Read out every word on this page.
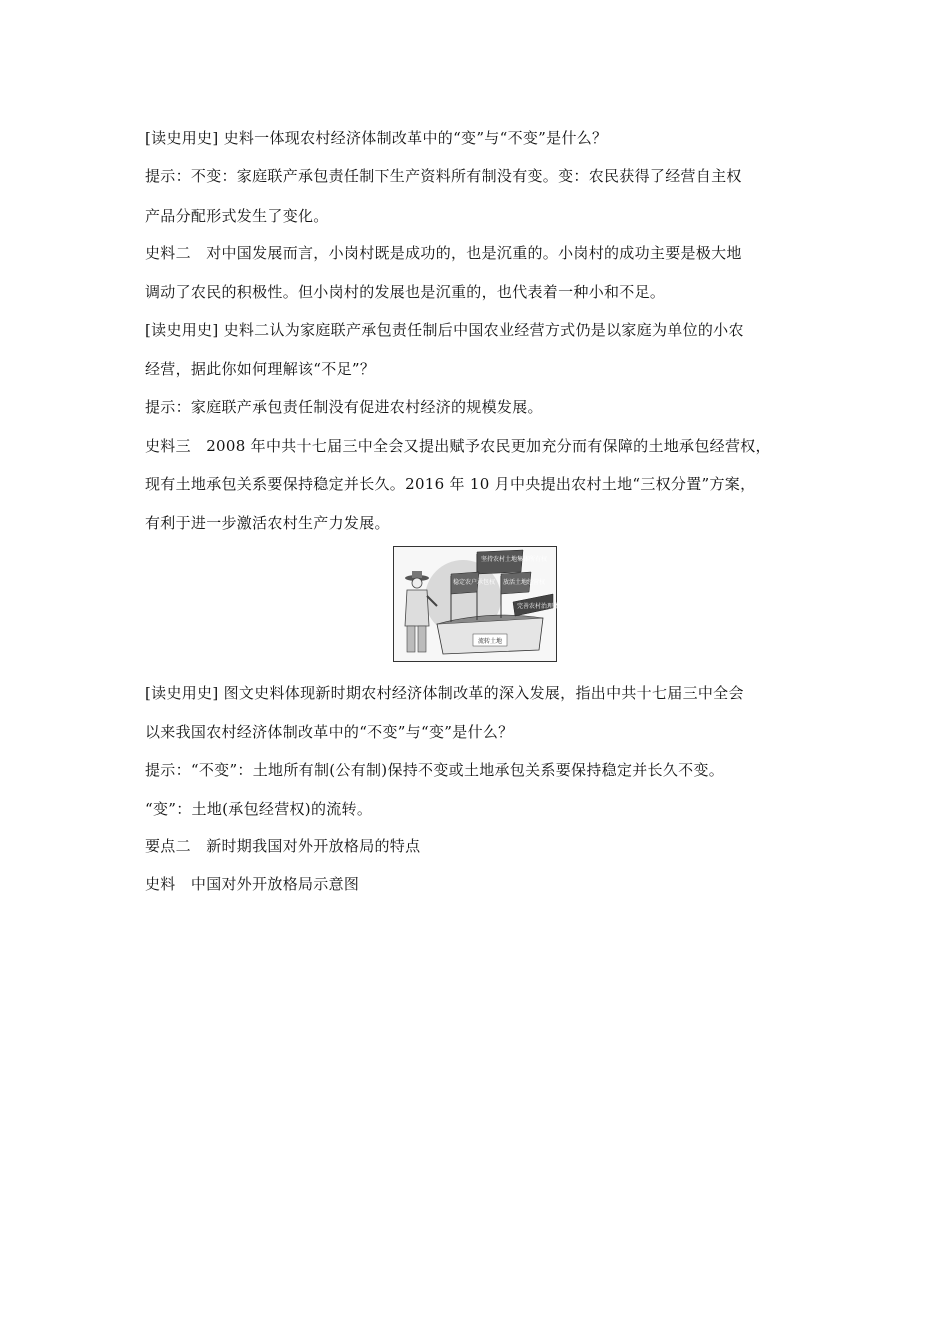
[读史用史] 史料一体现农村经济体制改革中的“变”与“不变”是什么？
提示：不变：家庭联产承包责任制下生产资料所有制没有变。变：农民获得了经营自主权
产品分配形式发生了变化。
史料二　对中国发展而言，小岗村既是成功的，也是沉重的。小岗村的成功主要是极大地
调动了农民的积极性。但小岗村的发展也是沉重的，也代表着一种小和不足。
[读史用史] 史料二认为家庭联产承包责任制后中国农业经营方式仍是以家庭为单位的小农
经营，据此你如何理解该“不足”？
提示：家庭联产承包责任制没有促进农村经济的规模发展。
史料三　2008 年中共十七届三中全会又提出赋予农民更加充分而有保障的土地承包经营权，
现有土地承包关系要保持稳定并长久。2016 年 10 月中央提出农村土地“三权分置”方案，
有利于进一步激活农村生产力发展。
流转土地
坚持农村土地集体所有权
稳定农户承包权 放活土地经营权
完善农村治理体系
[读史用史] 图文史料体现新时期农村经济体制改革的深入发展，指出中共十七届三中全会
以来我国农村经济体制改革中的“不变”与“变”是什么？
提示：“不变”：土地所有制(公有制)保持不变或土地承包关系要保持稳定并长久不变。
“变”：土地(承包经营权)的流转。
要点二　新时期我国对外开放格局的特点
史料　中国对外开放格局示意图
